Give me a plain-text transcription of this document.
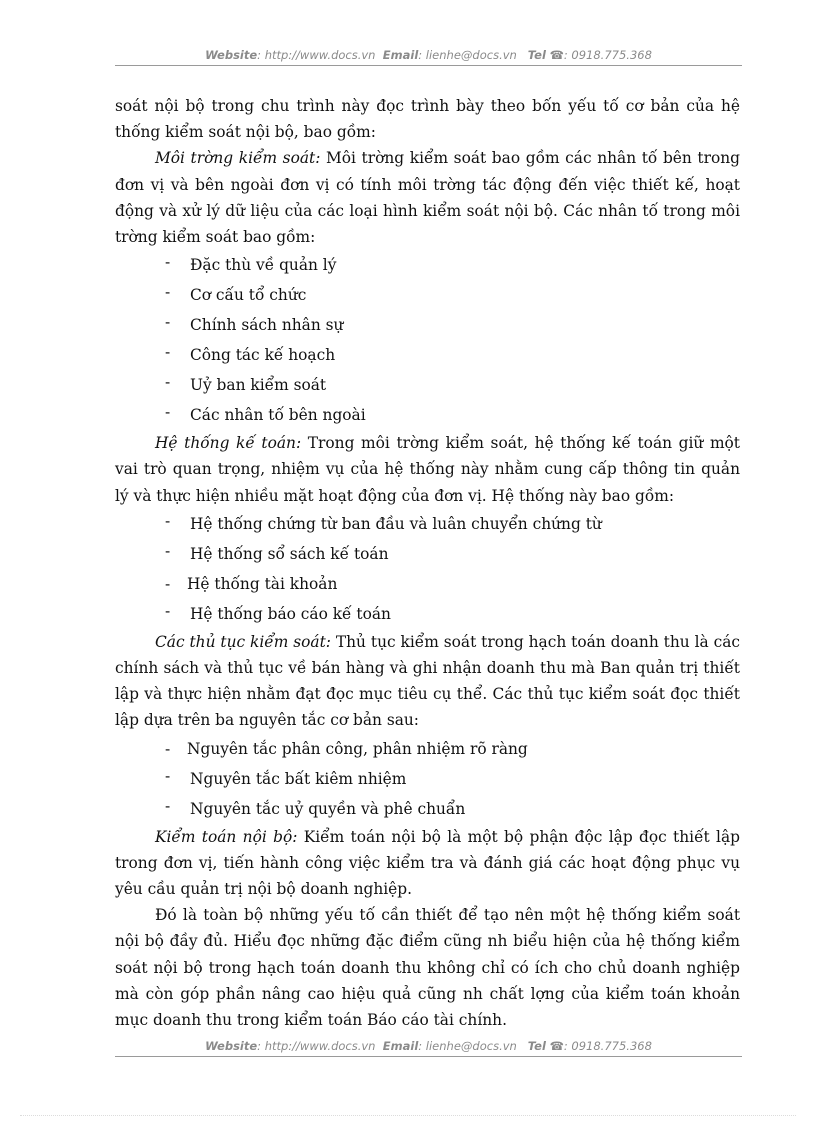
Website: http://www.docs.vn Email: lienhe@docs.vn Tel ☎: 0918.775.368

soát nội bộ trong chu trình này đọc trình bày theo bốn yếu tố cơ bản của hệ thống kiểm soát nội bộ, bao gồm:

Môi trờng kiểm soát: Môi trờng kiểm soát bao gồm các nhân tố bên trong đơn vị và bên ngoài đơn vị có tính môi trờng tác động đến việc thiết kế, hoạt động và xử lý dữ liệu của các loại hình kiểm soát nội bộ. Các nhân tố trong môi trờng kiểm soát bao gồm:

- Đặc thù về quản lý
- Cơ cấu tổ chức
- Chính sách nhân sự
- Công tác kế hoạch
- Uỷ ban kiểm soát
- Các nhân tố bên ngoài

Hệ thống kế toán: Trong môi trờng kiểm soát, hệ thống kế toán giữ một vai trò quan trọng, nhiệm vụ của hệ thống này nhằm cung cấp thông tin quản lý và thực hiện nhiều mặt hoạt động của đơn vị. Hệ thống này bao gồm:

- Hệ thống chứng từ ban đầu và luân chuyển chứng từ
- Hệ thống sổ sách kế toán
- Hệ thống tài khoản
- Hệ thống báo cáo kế toán

Các thủ tục kiểm soát: Thủ tục kiểm soát trong hạch toán doanh thu là các chính sách và thủ tục về bán hàng và ghi nhận doanh thu mà Ban quản trị thiết lập và thực hiện nhằm đạt đọc mục tiêu cụ thể. Các thủ tục kiểm soát đọc thiết lập dựa trên ba nguyên tắc cơ bản sau:

- Nguyên tắc phân công, phân nhiệm rõ ràng
- Nguyên tắc bất kiêm nhiệm
- Nguyên tắc uỷ quyền và phê chuẩn

Kiểm toán nội bộ: Kiểm toán nội bộ là một bộ phận độc lập đọc thiết lập trong đơn vị, tiến hành công việc kiểm tra và đánh giá các hoạt động phục vụ yêu cầu quản trị nội bộ doanh nghiệp.

Đó là toàn bộ những yếu tố cần thiết để tạo nên một hệ thống kiểm soát nội bộ đầy đủ. Hiểu đọc những đặc điểm cũng nh biểu hiện của hệ thống kiểm soát nội bộ trong hạch toán doanh thu không chỉ có ích cho chủ doanh nghiệp mà còn góp phần nâng cao hiệu quả cũng nh chất lợng của kiểm toán khoản mục doanh thu trong kiểm toán Báo cáo tài chính.

Website: http://www.docs.vn Email: lienhe@docs.vn Tel ☎: 0918.775.368
